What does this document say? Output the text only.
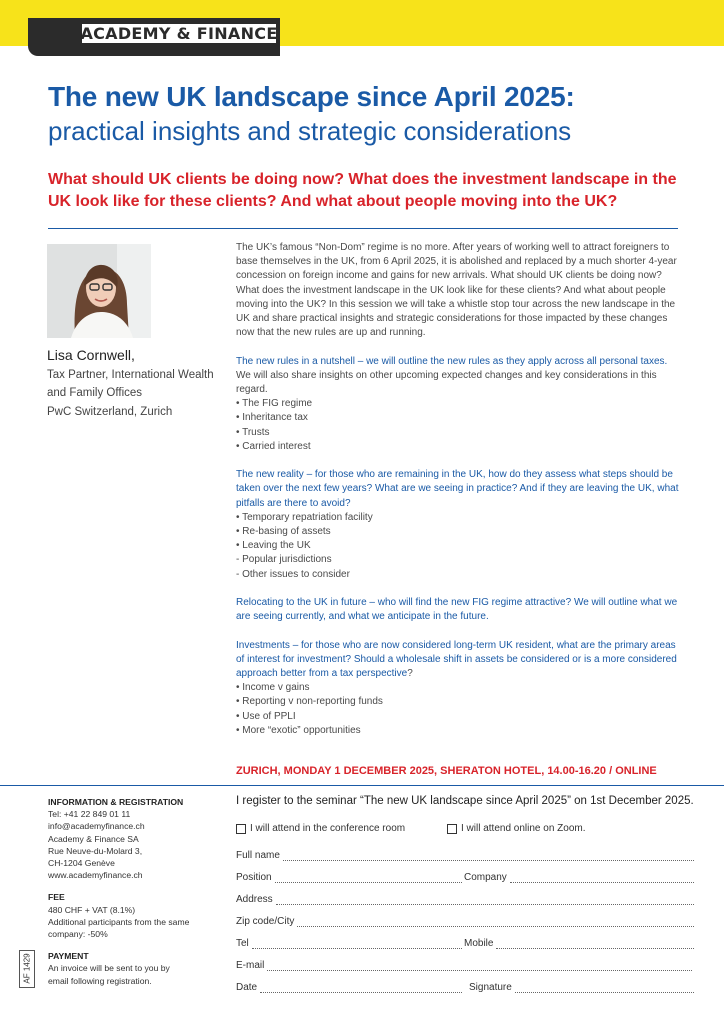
ACADEMY & FINANCE
The new UK landscape since April 2025:
practical insights and strategic considerations
What should UK clients be doing now? What does the investment landscape in the UK look like for these clients? And what about people moving into the UK?
Lisa Cornwell,
Tax Partner, International Wealth
and Family Offices
PwC Switzerland, Zurich

The UK’s famous “Non-Dom” regime is no more. After years of working well to attract foreigners to base themselves in the UK, from 6 April 2025, it is abolished and replaced by a much shorter 4-year concession on foreign income and gains for new arrivals. What should UK clients be doing now? What does the investment landscape in the UK look like for these clients? And what about people moving into the UK? In this session we will take a whistle stop tour across the new landscape in the UK and share practical insights and strategic considerations for those impacted by these changes now that the new rules are up and running.

The new rules in a nutshell – we will outline the new rules as they apply across all personal taxes.

We will also share insights on other upcoming expected changes and key considerations in this regard.

• The FIG regime

• Inheritance tax

• Trusts

• Carried interest

The new reality – for those who are remaining in the UK, how do they assess what steps should be taken over the next few years? What are we seeing in practice? And if they are leaving the UK, what pitfalls are there to avoid?

• Temporary repatriation facility

• Re-basing of assets

• Leaving the UK

- Popular jurisdictions

- Other issues to consider

Relocating to the UK in future – who will find the new FIG regime attractive? We will outline what we are seeing currently, and what we anticipate in the future.

Investments – for those who are now considered long-term UK resident, what are the primary areas of interest for investment? Should a wholesale shift in assets be considered or is a more considered approach better from a tax perspective?

• Income v gains

• Reporting v non-reporting funds

• Use of PPLI

• More “exotic” opportunities

ZURICH, MONDAY 1 DECEMBER 2025, SHERATON HOTEL, 14.00-16.20 / ONLINE
INFORMATION & REGISTRATION
Tel: +41 22 849 01 11
info@academyfinance.ch
Academy & Finance SA
Rue Neuve-du-Molard 3,
CH-1204 Genève
www.academyfinance.ch
FEE
480 CHF + VAT (8.1%)
Additional participants from the same company: -50%
PAYMENT
An invoice will be sent to you by
email following registration.
AF 1429
I register to the seminar “The new UK landscape since April 2025” on 1st December 2025.
I will attend in the conference room	I will attend online on Zoom.
Full name
Position	Company
Address
Zip code/City
Tel	Mobile
E-mail
Date	Signature
